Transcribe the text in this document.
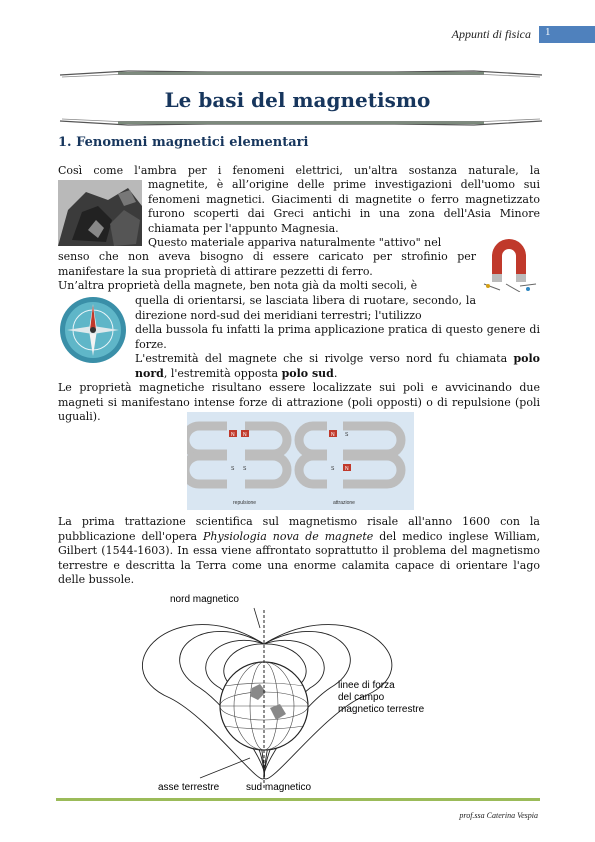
Appunti di fisica	1
Le basi del magnetismo
1. Fenomeni magnetici elementari
Così come l'ambra per i fenomeni elettrici, un'altra sostanza naturale, la
magnetite, è all’origine delle prime investigazioni dell'uomo sui fenomeni magnetici. Giacimenti di magnetite o ferro magnetizzato furono scoperti dai Greci antichi in una zona dell'Asia Minore chiamata per l'appunto Magnesia.
Questo materiale appariva naturalmente "attivo" nel
senso che non aveva bisogno di essere caricato per strofinio per manifestare la sua proprietà di attirare pezzetti di ferro.
Un’altra proprietà della magnete, ben nota già da molti secoli, è
quella di orientarsi, se lasciata libera di ruotare, secondo, la direzione nord-sud dei meridiani terrestri; l'utilizzo
della bussola fu infatti la prima applicazione pratica di questo genere di forze.
L'estremità del magnete che si rivolge verso nord fu chiamata polo nord, l'estremità opposta polo sud.
Le proprietà magnetiche risultano essere localizzate sui poli e avvicinando due magneti si manifestano intense forze di attrazione (poli opposti) o di repulsione (poli uguali).
N N
S S
N S
S N
repulsione	attrazione
La prima trattazione scientifica sul magnetismo risale all'anno 1600 con la pubblicazione dell'opera Physiologia nova de magnete del medico inglese William, Gilbert (1544-1603). In essa viene affrontato soprattutto il problema del magnetismo terrestre e descritta la Terra come una enorme calamita capace di orientare l'ago delle bussole.
nord magnetico
linee di forza
del campo
magnetico terrestre
asse terrestre	sud magnetico
prof.ssa Caterina Vespia
